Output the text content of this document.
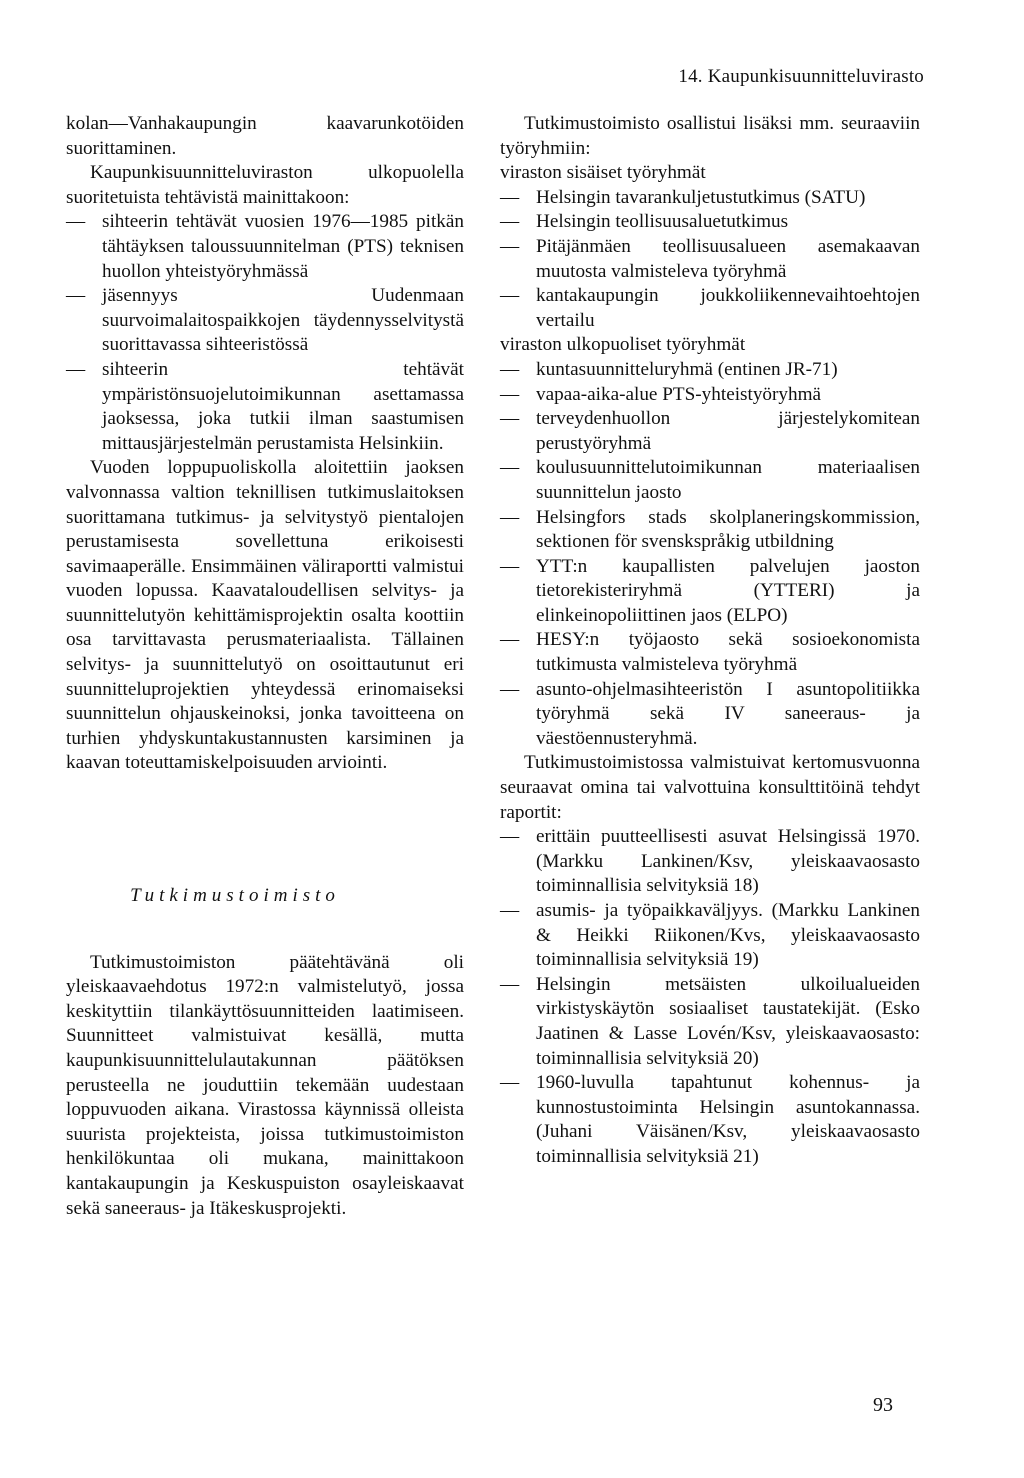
14. Kaupunkisuunnitteluvirasto

kolan—Vanhakaupungin kaavarunkotöiden suorittaminen.

Kaupunkisuunnitteluviraston ulkopuolella suoritetuista tehtävistä mainittakoon:

— sihteerin tehtävät vuosien 1976—1985 pitkän tähtäyksen taloussuunnitelman (PTS) teknisen huollon yhteistyöryhmässä

— jäsennyys Uudenmaan suurvoimalaitospaikkojen täydennysselvitystä suorittavassa sihteeristössä

— sihteerin tehtävät ympäristönsuojelutoimikunnan asettamassa jaoksessa, joka tutkii ilman saastumisen mittausjärjestelmän perustamista Helsinkiin.

Vuoden loppupuoliskolla aloitettiin jaoksen valvonnassa valtion teknillisen tutkimuslaitoksen suorittamana tutkimus- ja selvitystyö pientalojen perustamisesta sovellettuna erikoisesti savimaaperälle. Ensimmäinen väliraportti valmistui vuoden lopussa. Kaavataloudellisen selvitys- ja suunnittelutyön kehittämisprojektin osalta koottiin osa tarvittavasta perusmateriaalista. Tällainen selvitys- ja suunnittelutyö on osoittautunut eri suunnitteluprojektien yhteydessä erinomaiseksi suunnittelun ohjauskeinoksi, jonka tavoitteena on turhien yhdyskuntakustannusten karsiminen ja kaavan toteuttamiskelpoisuuden arviointi.

Tutkimustoimisto

Tutkimustoimiston päätehtävänä oli yleiskaavaehdotus 1972:n valmistelutyö, jossa keskityttiin tilankäyttösuunnitteiden laatimiseen. Suunnitteet valmistuivat kesällä, mutta kaupunkisuunnittelulautakunnan päätöksen perusteella ne jouduttiin tekemään uudestaan loppuvuoden aikana. Virastossa käynnissä olleista suurista projekteista, joissa tutkimustoimiston henkilökuntaa oli mukana, mainittakoon kantakaupungin ja Keskuspuiston osayleiskaavat sekä saneeraus- ja Itäkeskusprojekti.

Tutkimustoimisto osallistui lisäksi mm. seuraaviin työryhmiin:

viraston sisäiset työryhmät

— Helsingin tavarankuljetustutkimus (SATU)

— Helsingin teollisuusaluetutkimus

— Pitäjänmäen teollisuusalueen asemakaavan muutosta valmisteleva työryhmä

— kantakaupungin joukkoliikennevaihtoehtojen vertailu

viraston ulkopuoliset työryhmät

— kuntasuunnitteluryhmä (entinen JR-71)

— vapaa-aika-alue PTS-yhteistyöryhmä

— terveydenhuollon järjestelykomitean perustyöryhmä

— koulusuunnittelutoimikunnan materiaalisen suunnittelun jaosto

— Helsingfors stads skolplaneringskommission, sektionen för svenskspråkig utbildning

— YTT:n kaupallisten palvelujen jaoston tietorekisteriryhmä (YTTERI) ja elinkeinopoliittinen jaos (ELPO)

— HESY:n työjaosto sekä sosioekonomista tutkimusta valmisteleva työryhmä

— asunto-ohjelmasihteeristön I asuntopolitiikka työryhmä sekä IV saneeraus- ja väestöennusteryhmä.

Tutkimustoimistossa valmistuivat kertomusvuonna seuraavat omina tai valvottuina konsulttitöinä tehdyt raportit:

— erittäin puutteellisesti asuvat Helsingissä 1970. (Markku Lankinen/Ksv, yleiskaavaosasto toiminnallisia selvityksiä 18)

— asumis- ja työpaikkaväljyys. (Markku Lankinen & Heikki Riikonen/Kvs, yleiskaavaosasto toiminnallisia selvityksiä 19)

— Helsingin metsäisten ulkoilualueiden virkistyskäytön sosiaaliset taustatekijät. (Esko Jaatinen & Lasse Lovén/Ksv, yleiskaavaosasto: toiminnallisia selvityksiä 20)

— 1960-luvulla tapahtunut kohennus- ja kunnostustoiminta Helsingin asuntokannassa. (Juhani Väisänen/Ksv, yleiskaavaosasto toiminnallisia selvityksiä 21)

93
